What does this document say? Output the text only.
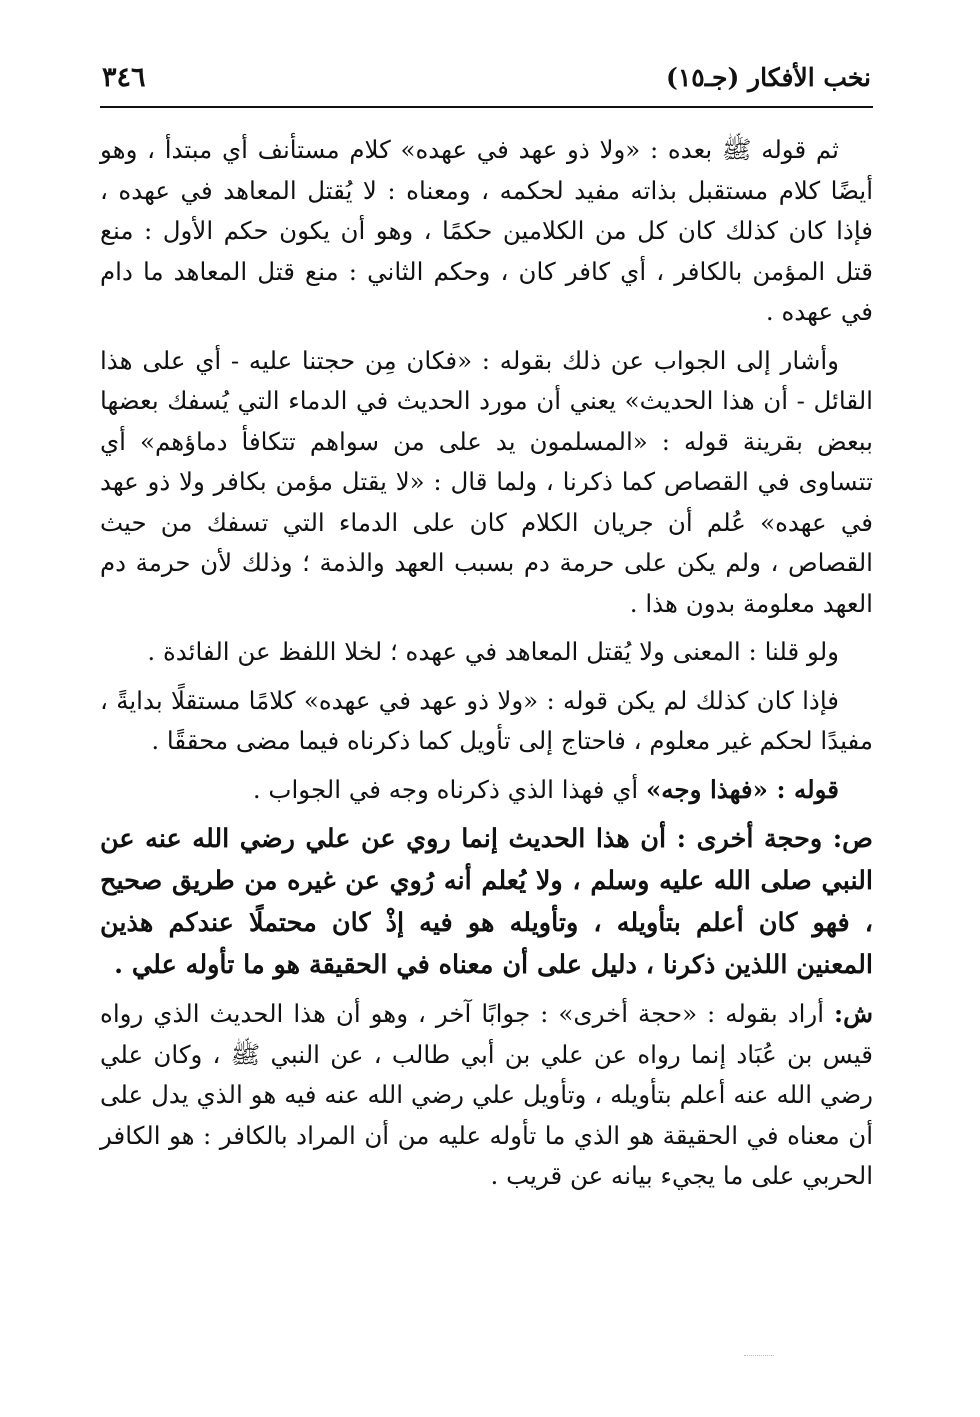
نخب الأفكار (جـ١٥)
٣٤٦

ثم قوله ﷺ بعده : «ولا ذو عهد في عهده» كلام مستأنف أي مبتدأ ، وهو أيضًا كلام مستقبل بذاته مفيد لحكمه ، ومعناه : لا يُقتل المعاهد في عهده ، فإذا كان كذلك كان كل من الكلامين حكمًا ، وهو أن يكون حكم الأول : منع قتل المؤمن بالكافر ، أي كافر كان ، وحكم الثاني : منع قتل المعاهد ما دام في عهده .

وأشار إلى الجواب عن ذلك بقوله : «فكان مِن حجتنا عليه - أي على هذا القائل - أن هذا الحديث» يعني أن مورد الحديث في الدماء التي يُسفك بعضها ببعض بقرينة قوله : «المسلمون يد على من سواهم تتكافأ دماؤهم» أي تتساوى في القصاص كما ذكرنا ، ولما قال : «لا يقتل مؤمن بكافر ولا ذو عهد في عهده» عُلم أن جريان الكلام كان على الدماء التي تسفك من حيث القصاص ، ولم يكن على حرمة دم بسبب العهد والذمة ؛ وذلك لأن حرمة دم العهد معلومة بدون هذا .

ولو قلنا : المعنى ولا يُقتل المعاهد في عهده ؛ لخلا اللفظ عن الفائدة .

فإذا كان كذلك لم يكن قوله : «ولا ذو عهد في عهده» كلامًا مستقلًا بدايةً ، مفيدًا لحكم غير معلوم ، فاحتاج إلى تأويل كما ذكرناه فيما مضى محققًا .

قوله : «فهذا وجه» أي فهذا الذي ذكرناه وجه في الجواب .

ص: وحجة أخرى : أن هذا الحديث إنما روي عن علي رضي الله عنه عن النبي صلى الله عليه وسلم ، ولا يُعلم أنه رُوي عن غيره من طريق صحيح ، فهو كان أعلم بتأويله ، وتأويله هو فيه إذْ كان محتملًا عندكم هذين المعنين اللذين ذكرنا ، دليل على أن معناه في الحقيقة هو ما تأوله علي .

ش: أراد بقوله : «حجة أخرى» : جوابًا آخر ، وهو أن هذا الحديث الذي رواه قيس بن عُبَاد إنما رواه عن علي بن أبي طالب ، عن النبي ﷺ ، وكان علي رضي الله عنه أعلم بتأويله ، وتأويل علي رضي الله عنه فيه هو الذي يدل على أن معناه في الحقيقة هو الذي ما تأوله عليه من أن المراد بالكافر : هو الكافر الحربي على ما يجيء بيانه عن قريب .
